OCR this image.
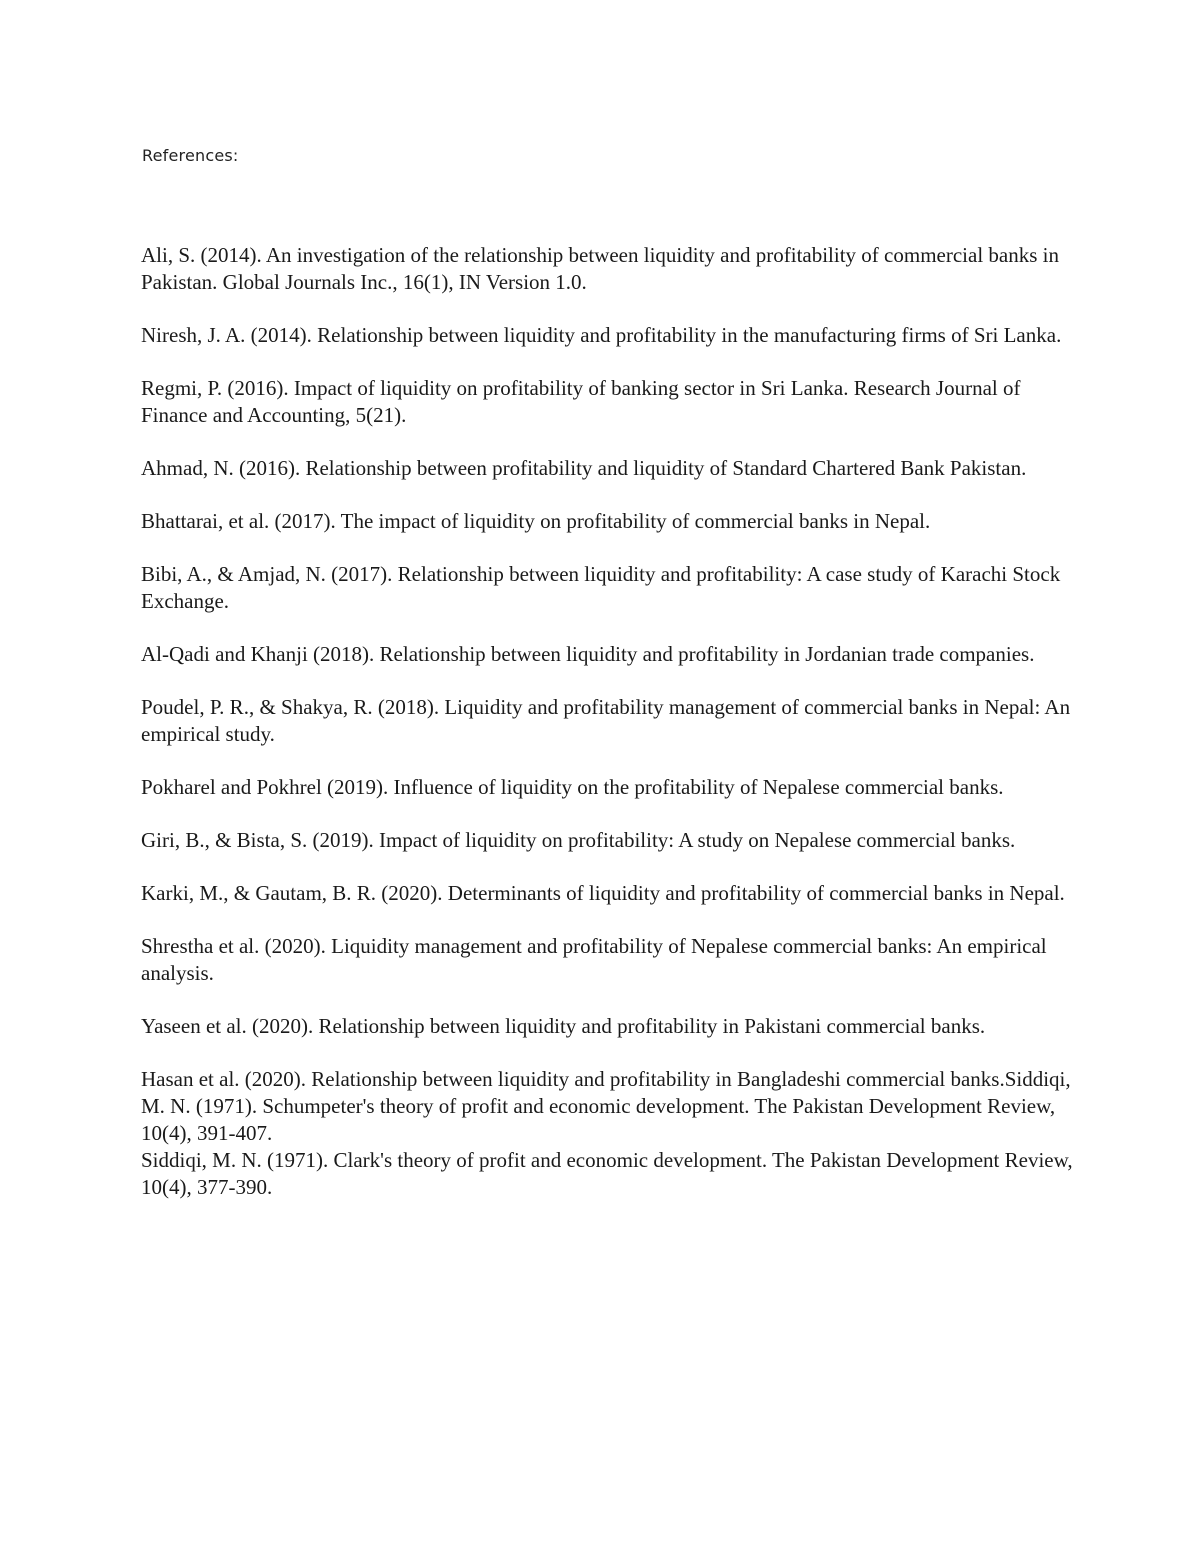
References:
Ali, S. (2014). An investigation of the relationship between liquidity and profitability of commercial banks in Pakistan. Global Journals Inc., 16(1), IN Version 1.0.
Niresh, J. A. (2014). Relationship between liquidity and profitability in the manufacturing firms of Sri Lanka.
Regmi, P. (2016). Impact of liquidity on profitability of banking sector in Sri Lanka. Research Journal of Finance and Accounting, 5(21).
Ahmad, N. (2016). Relationship between profitability and liquidity of Standard Chartered Bank Pakistan.
Bhattarai, et al. (2017). The impact of liquidity on profitability of commercial banks in Nepal.
Bibi, A., & Amjad, N. (2017). Relationship between liquidity and profitability: A case study of Karachi Stock Exchange.
Al-Qadi and Khanji (2018). Relationship between liquidity and profitability in Jordanian trade companies.
Poudel, P. R., & Shakya, R. (2018). Liquidity and profitability management of commercial banks in Nepal: An empirical study.
Pokharel and Pokhrel (2019). Influence of liquidity on the profitability of Nepalese commercial banks.
Giri, B., & Bista, S. (2019). Impact of liquidity on profitability: A study on Nepalese commercial banks.
Karki, M., & Gautam, B. R. (2020). Determinants of liquidity and profitability of commercial banks in Nepal.
Shrestha et al. (2020). Liquidity management and profitability of Nepalese commercial banks: An empirical analysis.
Yaseen et al. (2020). Relationship between liquidity and profitability in Pakistani commercial banks.
Hasan et al. (2020). Relationship between liquidity and profitability in Bangladeshi commercial banks.Siddiqi, M. N. (1971). Schumpeter's theory of profit and economic development. The Pakistan Development Review, 10(4), 391-407.
Siddiqi, M. N. (1971). Clark's theory of profit and economic development. The Pakistan Development Review, 10(4), 377-390.
